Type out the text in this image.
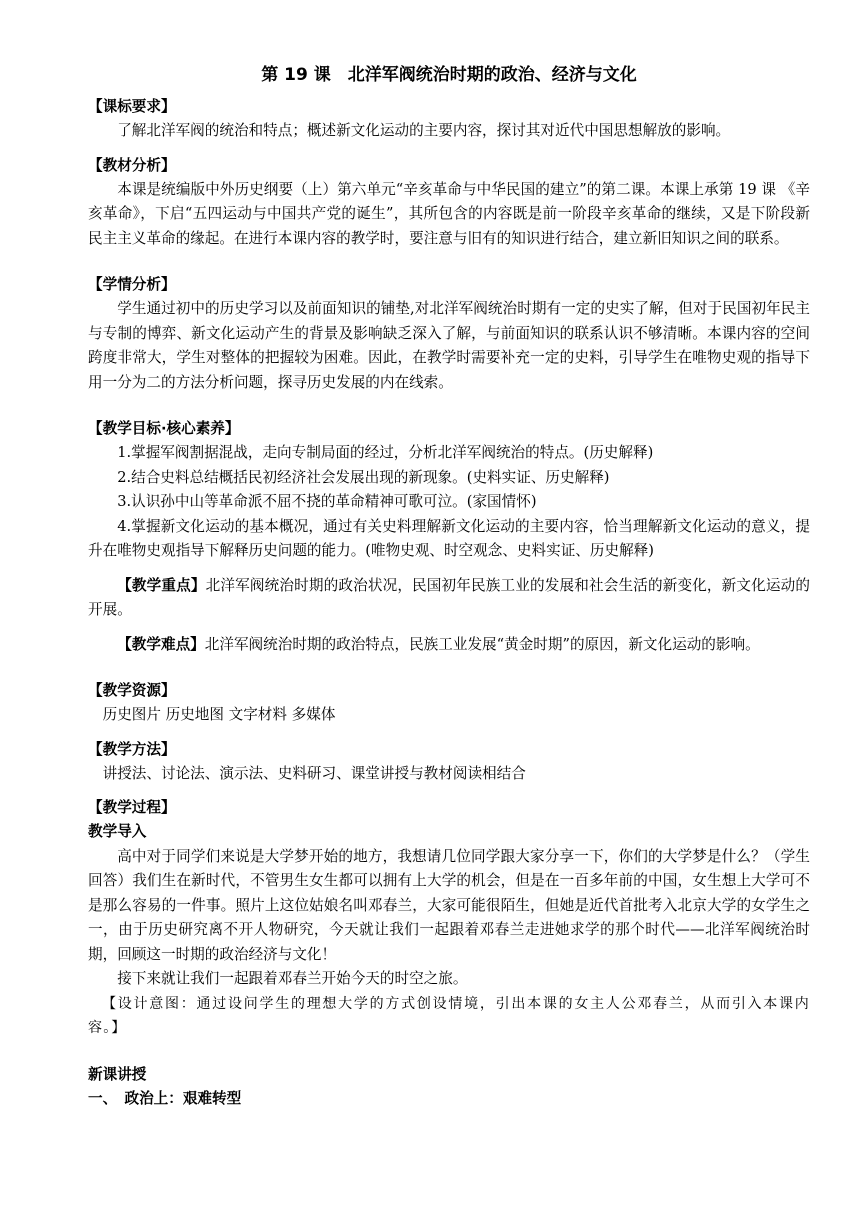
第 19 课　北洋军阀统治时期的政治、经济与文化
【课标要求】

了解北洋军阀的统治和特点；概述新文化运动的主要内容，探讨其对近代中国思想解放的影响。

【教材分析】

本课是统编版中外历史纲要（上）第六单元“辛亥革命与中华民国的建立”的第二课。本课上承第 19 课 《辛亥革命》，下启“五四运动与中国共产党的诞生”，其所包含的内容既是前一阶段辛亥革命的继续，又是下阶段新民主主义革命的缘起。在进行本课内容的教学时，要注意与旧有的知识进行结合，建立新旧知识之间的联系。

【学情分析】

学生通过初中的历史学习以及前面知识的铺垫,对北洋军阀统治时期有一定的史实了解，但对于民国初年民主与专制的博弈、新文化运动产生的背景及影响缺乏深入了解，与前面知识的联系认识不够清晰。本课内容的空间跨度非常大，学生对整体的把握较为困难。因此，在教学时需要补充一定的史料，引导学生在唯物史观的指导下用一分为二的方法分析问题，探寻历史发展的内在线索。

【教学目标·核心素养】

1.掌握军阀割据混战，走向专制局面的经过，分析北洋军阀统治的特点。(历史解释)

2.结合史料总结概括民初经济社会发展出现的新现象。(史料实证、历史解释)

3.认识孙中山等革命派不屈不挠的革命精神可歌可泣。(家国情怀)

4.掌握新文化运动的基本概况，通过有关史料理解新文化运动的主要内容，恰当理解新文化运动的意义，提升在唯物史观指导下解释历史问题的能力。(唯物史观、时空观念、史料实证、历史解释)

【教学重点】北洋军阀统治时期的政治状况，民国初年民族工业的发展和社会生活的新变化，新文化运动的开展。

【教学难点】北洋军阀统治时期的政治特点，民族工业发展“黄金时期”的原因，新文化运动的影响。

【教学资源】

历史图片 历史地图 文字材料 多媒体

【教学方法】

讲授法、讨论法、演示法、史料研习、课堂讲授与教材阅读相结合

【教学过程】
教学导入

高中对于同学们来说是大学梦开始的地方，我想请几位同学跟大家分享一下，你们的大学梦是什么？（学生回答）我们生在新时代，不管男生女生都可以拥有上大学的机会，但是在一百多年前的中国，女生想上大学可不是那么容易的一件事。照片上这位姑娘名叫邓春兰，大家可能很陌生，但她是近代首批考入北京大学的女学生之一，由于历史研究离不开人物研究，今天就让我们一起跟着邓春兰走进她求学的那个时代——北洋军阀统治时期，回顾这一时期的政治经济与文化！

接下来就让我们一起跟着邓春兰开始今天的时空之旅。

【设计意图：通过设问学生的理想大学的方式创设情境，引出本课的女主人公邓春兰，从而引入本课内容。】

新课讲授
一、　政治上：艰难转型
